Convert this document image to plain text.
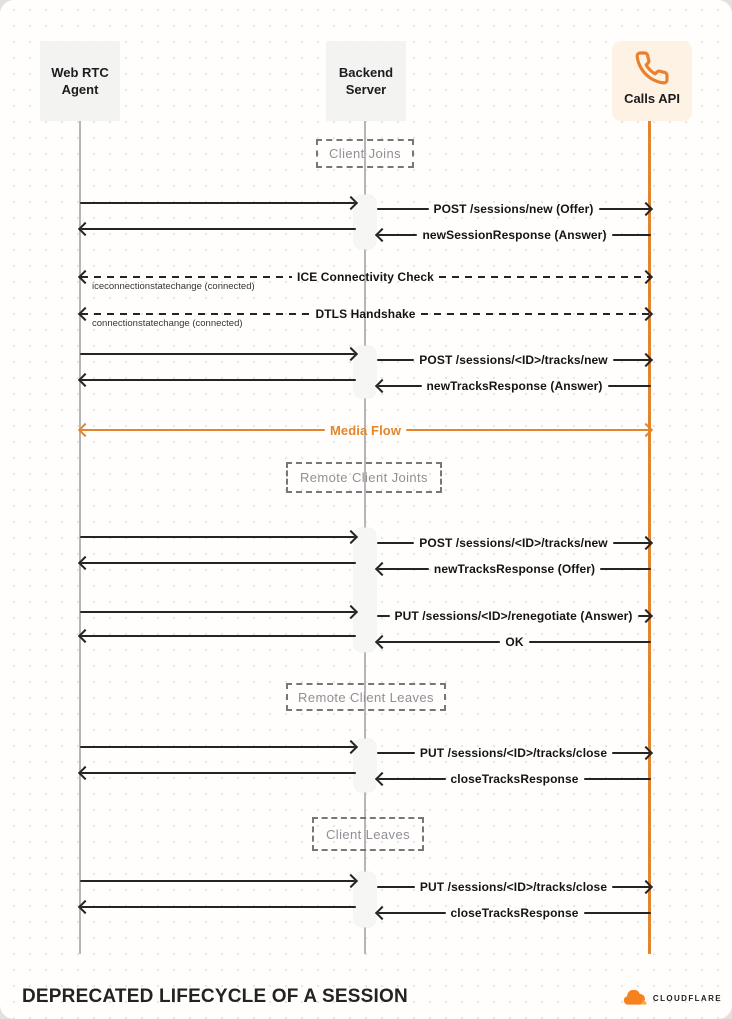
Web RTC
Agent
Backend
Server
Calls API
Client Joins
Remote Client Joints
Remote Client Leaves
Client Leaves
POST /sessions/new (Offer)
newSessionResponse (Answer)
ICE Connectivity Check
iceconnectionstatechange (connected)
DTLS Handshake
connectionstatechange (connected)
POST /sessions/<ID>/tracks/new
newTracksResponse (Answer)
Media Flow
POST /sessions/<ID>/tracks/new
newTracksResponse (Offer)
PUT /sessions/<ID>/renegotiate (Answer)
OK
PUT /sessions/<ID>/tracks/close
closeTracksResponse
PUT /sessions/<ID>/tracks/close
closeTracksResponse
DEPRECATED LIFECYCLE OF A SESSION	CLOUDFLARE
